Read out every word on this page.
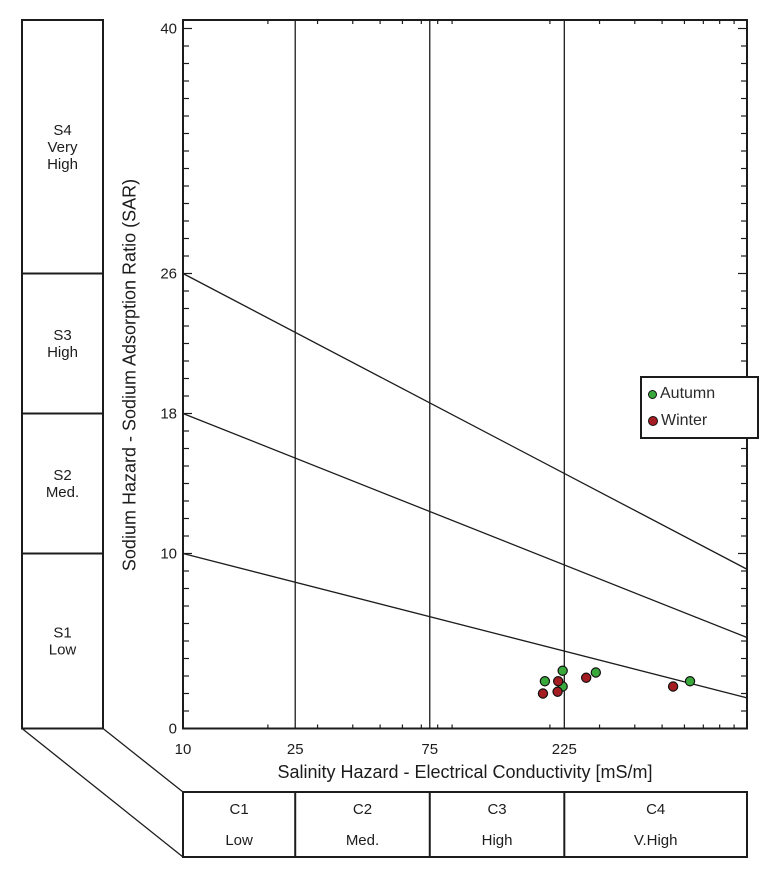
S4
Very
High
S3
High
S2
Med.
S1
Low
0
10
18
26
40
10	25	75	225
C1
Low
C2
Med.
C3
High
C4
V.High
Sodium Hazard - Sodium Adsorption Ratio (SAR)
Salinity Hazard - Electrical Conductivity [mS/m]
Autumn
Winter
